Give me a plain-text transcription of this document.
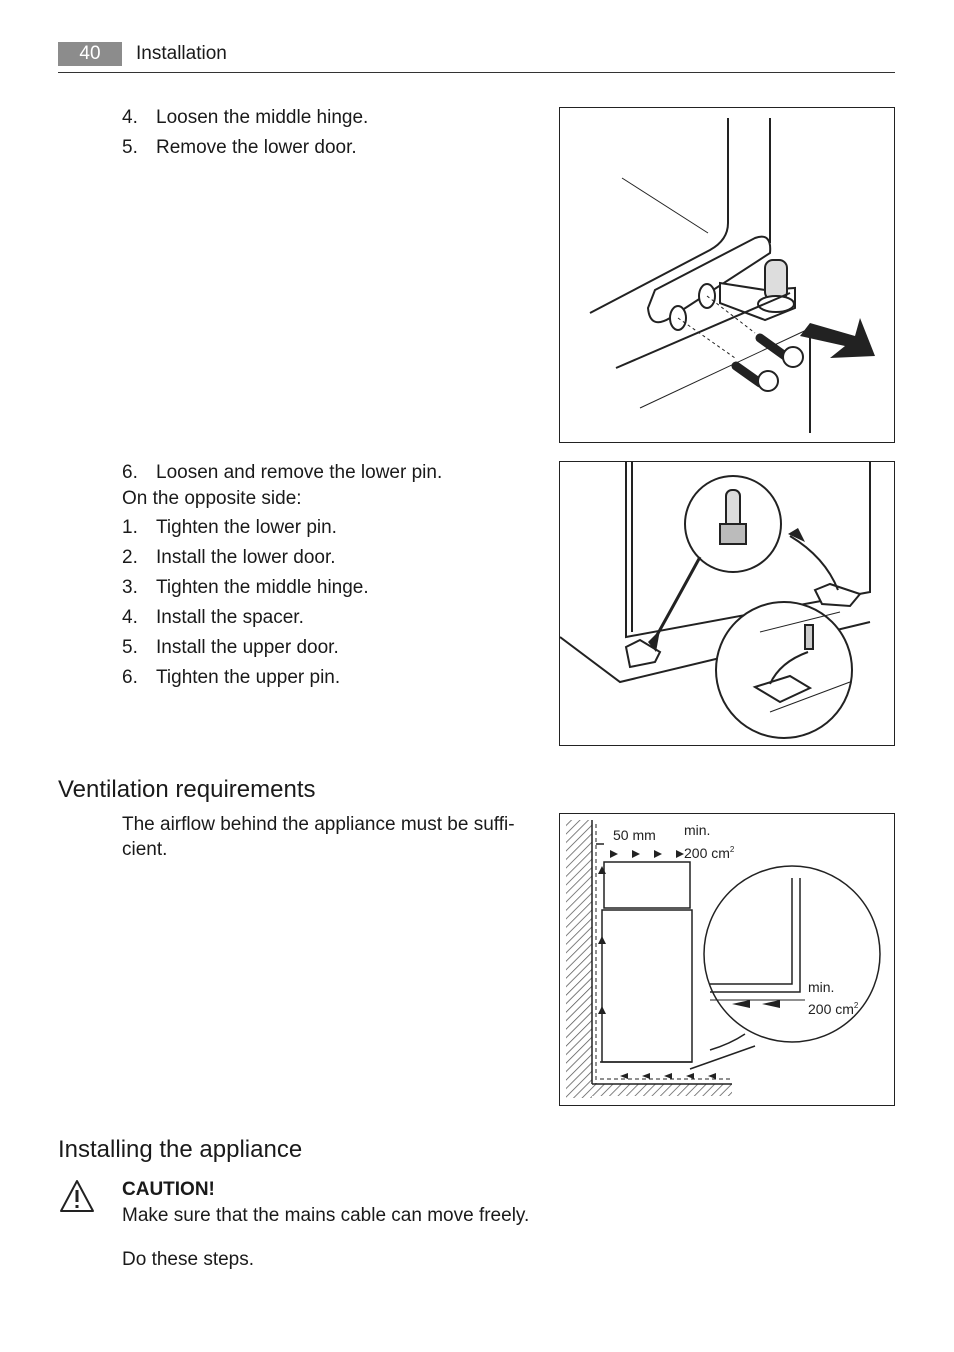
40	Installation
4. Loosen the middle hinge.
5. Remove the lower door.
6. Loosen and remove the lower pin.
On the opposite side:
1. Tighten the lower pin.
2. Install the lower door.
3. Tighten the middle hinge.
4. Install the spacer.
5. Install the upper door.
6. Tighten the upper pin.
Ventilation requirements
The airflow behind the appliance must be suffi-
cient.
50 mm min.
200 $cm^2$
min.
200 $cm^2$
Installing the appliance
CAUTION!
Make sure that the mains cable can move freely.
Do these steps.
